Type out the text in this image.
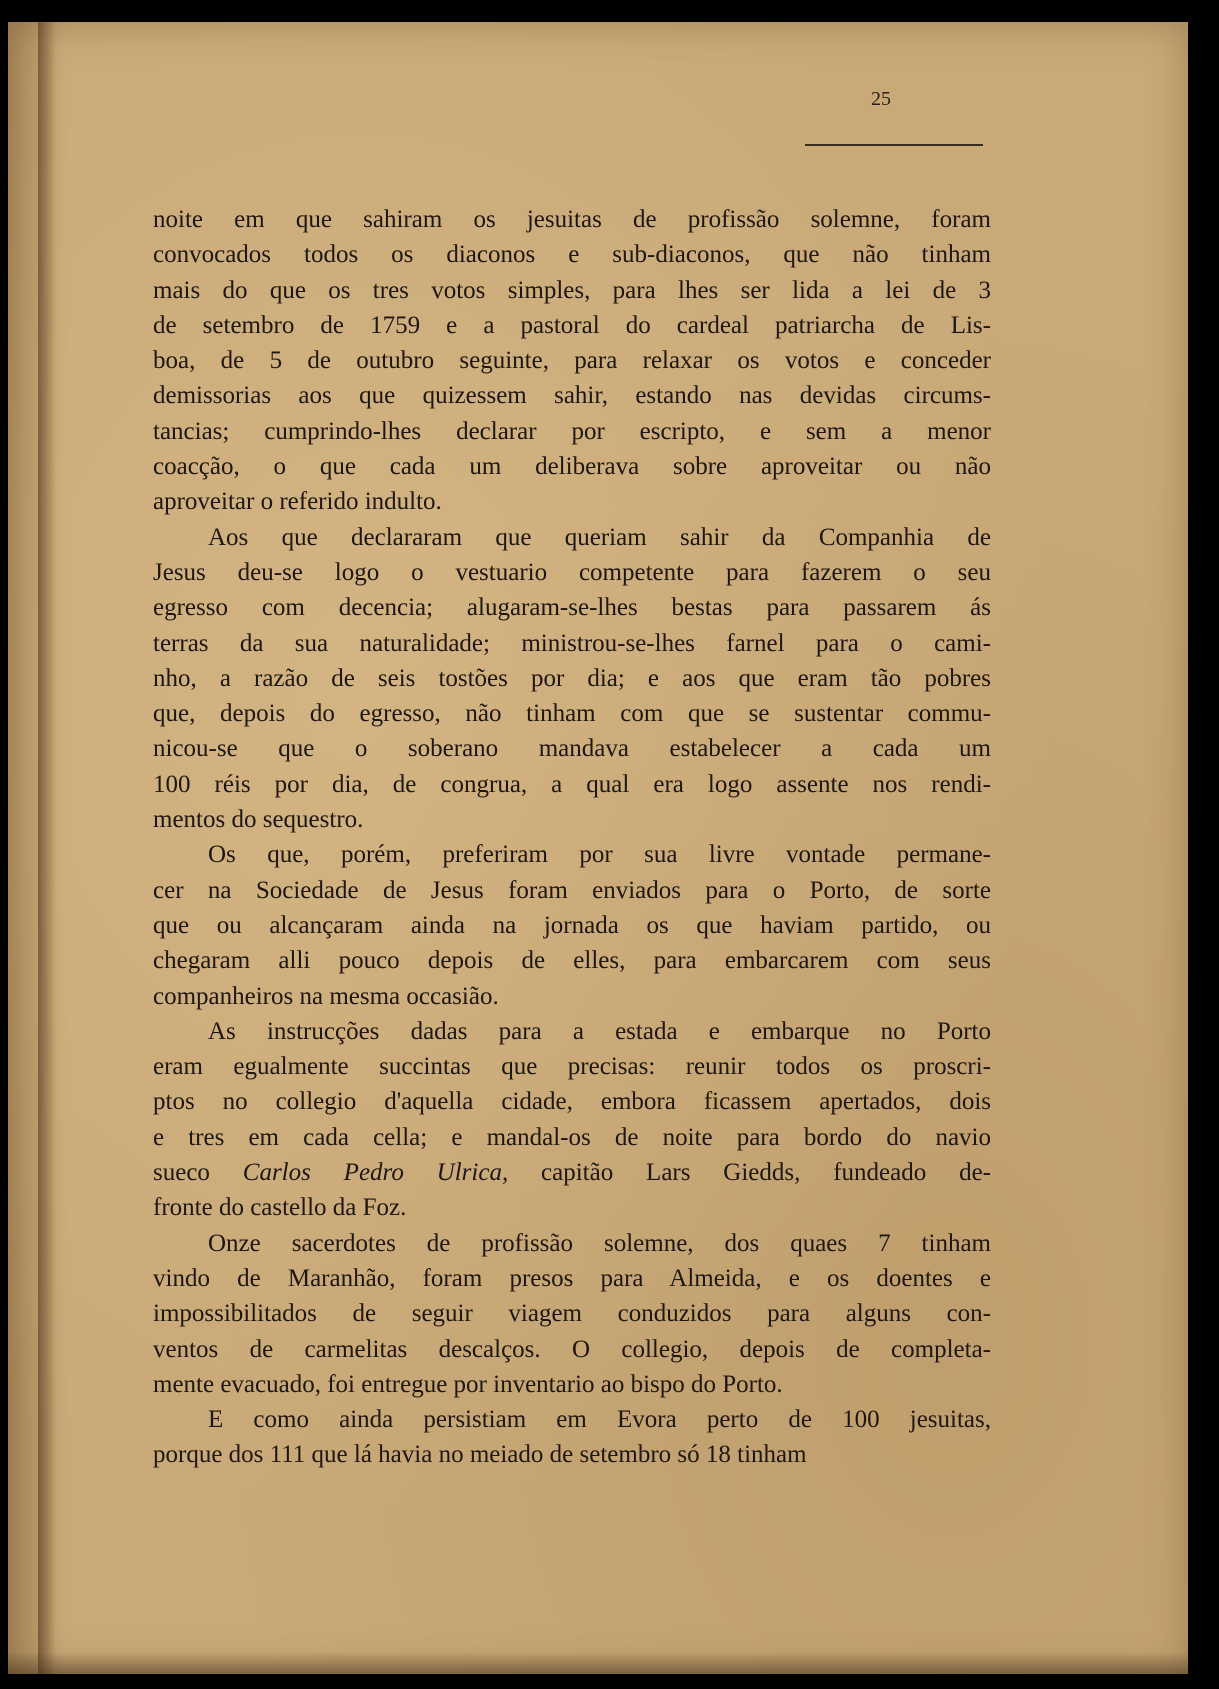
25
noite em que sahiram os jesuitas de profissão solemne, foram
convocados todos os diaconos e sub-diaconos, que não tinham
mais do que os tres votos simples, para lhes ser lida a lei de 3
de setembro de 1759 e a pastoral do cardeal patriarcha de Lis-
boa, de 5 de outubro seguinte, para relaxar os votos e conceder
demissorias aos que quizessem sahir, estando nas devidas circums-
tancias; cumprindo-lhes declarar por escripto, e sem a menor
coacção, o que cada um deliberava sobre aproveitar ou não
aproveitar o referido indulto.
Aos que declararam que queriam sahir da Companhia de
Jesus deu-se logo o vestuario competente para fazerem o seu
egresso com decencia; alugaram-se-lhes bestas para passarem ás
terras da sua naturalidade; ministrou-se-lhes farnel para o cami-
nho, a razão de seis tostões por dia; e aos que eram tão pobres
que, depois do egresso, não tinham com que se sustentar commu-
nicou-se que o soberano mandava estabelecer a cada um
100 réis por dia, de congrua, a qual era logo assente nos rendi-
mentos do sequestro.
Os que, porém, preferiram por sua livre vontade permane-
cer na Sociedade de Jesus foram enviados para o Porto, de sorte
que ou alcançaram ainda na jornada os que haviam partido, ou
chegaram alli pouco depois de elles, para embarcarem com seus
companheiros na mesma occasião.
As instrucções dadas para a estada e embarque no Porto
eram egualmente succintas que precisas: reunir todos os proscri-
ptos no collegio d'aquella cidade, embora ficassem apertados, dois
e tres em cada cella; e mandal-os de noite para bordo do navio
sueco Carlos Pedro Ulrica, capitão Lars Giedds, fundeado de-
fronte do castello da Foz.
Onze sacerdotes de profissão solemne, dos quaes 7 tinham
vindo de Maranhão, foram presos para Almeida, e os doentes e
impossibilitados de seguir viagem conduzidos para alguns con-
ventos de carmelitas descalços. O collegio, depois de completa-
mente evacuado, foi entregue por inventario ao bispo do Porto.
E como ainda persistiam em Evora perto de 100 jesuitas,
porque dos 111 que lá havia no meiado de setembro só 18 tinham
